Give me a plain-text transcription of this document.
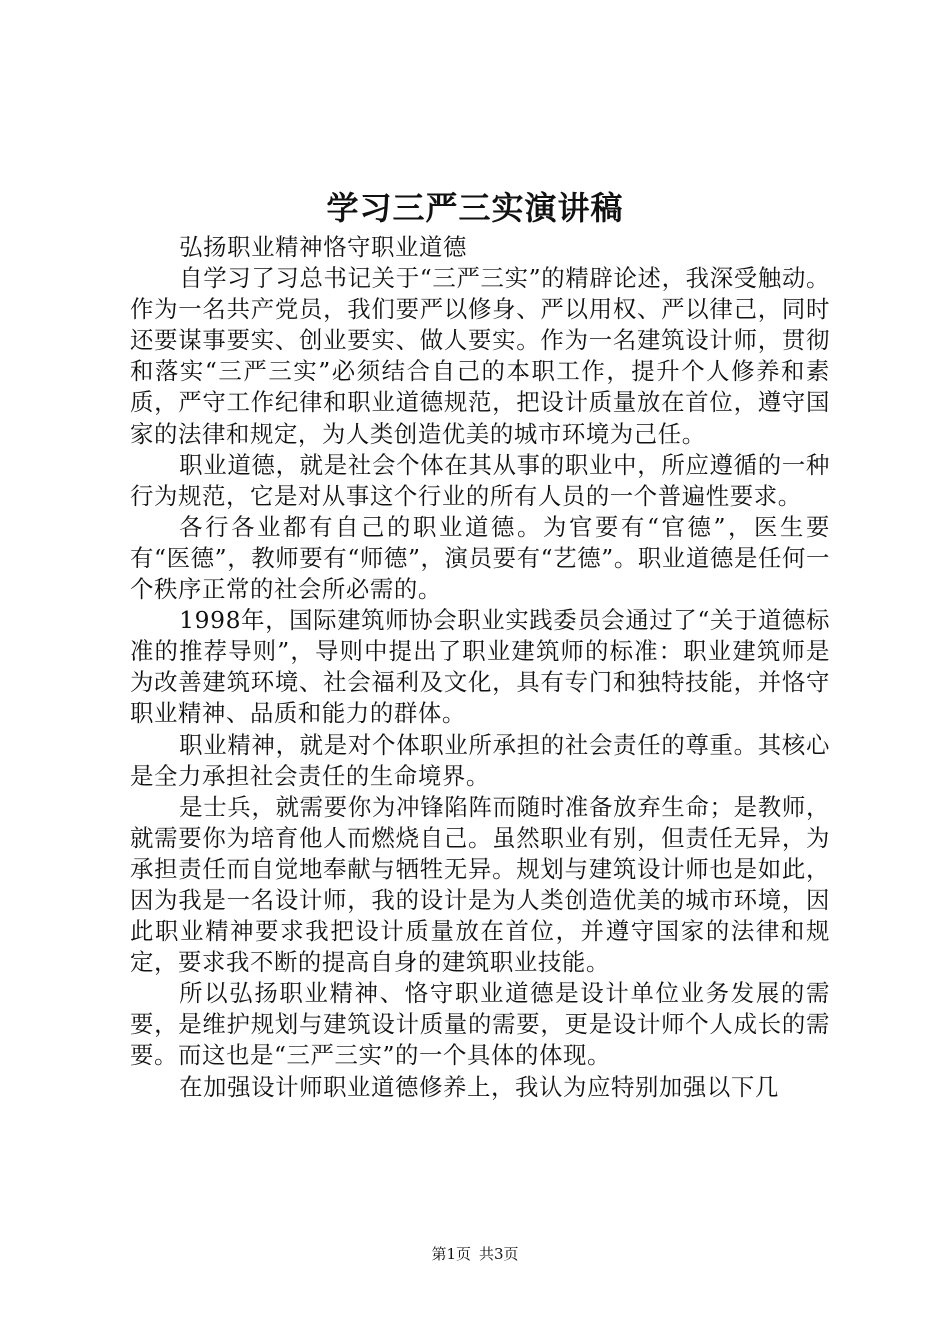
学习三严三实演讲稿

弘扬职业精神恪守职业道德

自学习了习总书记关于“三严三实”的精辟论述，我深受触动。作为一名共产党员，我们要严以修身、严以用权、严以律己，同时还要谋事要实、创业要实、做人要实。作为一名建筑设计师，贯彻和落实“三严三实”必须结合自己的本职工作，提升个人修养和素质，严守工作纪律和职业道德规范，把设计质量放在首位，遵守国家的法律和规定，为人类创造优美的城市环境为己任。

职业道德，就是社会个体在其从事的职业中，所应遵循的一种行为规范，它是对从事这个行业的所有人员的一个普遍性要求。

各行各业都有自己的职业道德。为官要有“官德”，医生要有“医德”，教师要有“师德”，演员要有“艺德”。职业道德是任何一个秩序正常的社会所必需的。

1998年，国际建筑师协会职业实践委员会通过了“关于道德标准的推荐导则”，导则中提出了职业建筑师的标准：职业建筑师是为改善建筑环境、社会福利及文化，具有专门和独特技能，并恪守职业精神、品质和能力的群体。

职业精神，就是对个体职业所承担的社会责任的尊重。其核心是全力承担社会责任的生命境界。

是士兵，就需要你为冲锋陷阵而随时准备放弃生命；是教师，就需要你为培育他人而燃烧自己。虽然职业有别，但责任无异，为承担责任而自觉地奉献与牺牲无异。规划与建筑设计师也是如此，因为我是一名设计师，我的设计是为人类创造优美的城市环境，因此职业精神要求我把设计质量放在首位，并遵守国家的法律和规定，要求我不断的提高自身的建筑职业技能。

所以弘扬职业精神、恪守职业道德是设计单位业务发展的需要，是维护规划与建筑设计质量的需要，更是设计师个人成长的需要。而这也是“三严三实”的一个具体的体现。

在加强设计师职业道德修养上，我认为应特别加强以下几

第1页 共3页
